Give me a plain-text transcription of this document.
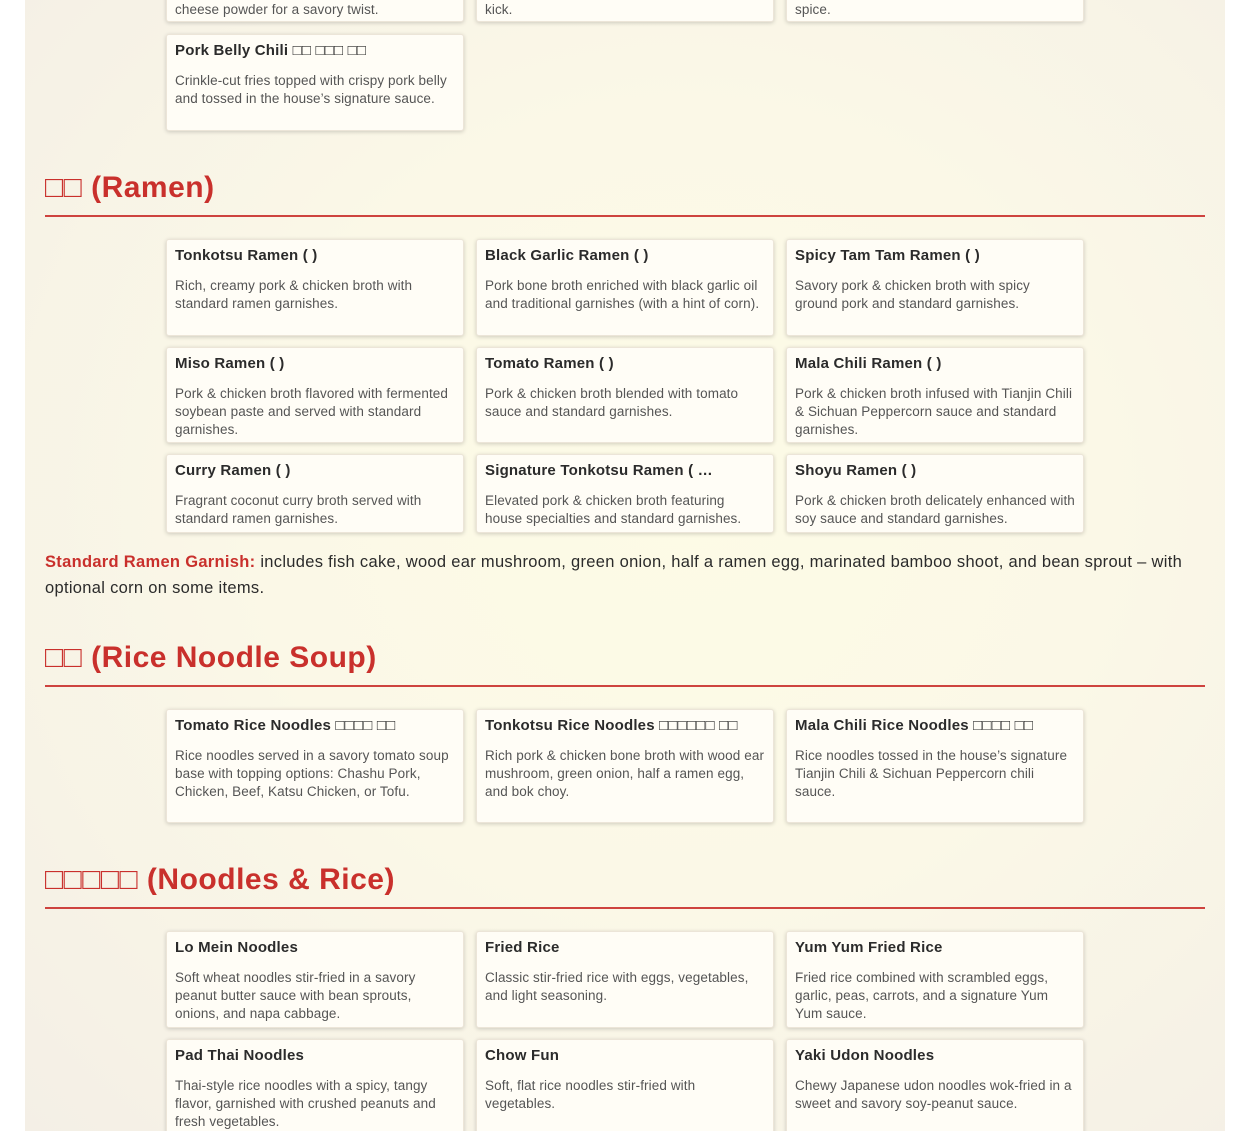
cheese powder for a savory twist.	kick.	spice.
Pork Belly Chili □□ □□□ □□
Crinkle-cut fries topped with crispy pork belly and tossed in the house’s signature sauce.
□□ (Ramen)
Tonkotsu Ramen ( )
Rich, creamy pork & chicken broth with standard ramen garnishes.
Black Garlic Ramen ( )
Pork bone broth enriched with black garlic oil and traditional garnishes (with a hint of corn).
Spicy Tam Tam Ramen ( )
Savory pork & chicken broth with spicy ground pork and standard garnishes.
Miso Ramen ( )
Pork & chicken broth flavored with fermented soybean paste and served with standard garnishes.
Tomato Ramen ( )
Pork & chicken broth blended with tomato sauce and standard garnishes.
Mala Chili Ramen ( )
Pork & chicken broth infused with Tianjin Chili & Sichuan Peppercorn sauce and standard garnishes.
Curry Ramen ( )
Fragrant coconut curry broth served with standard ramen garnishes.
Signature Tonkotsu Ramen ( …
Elevated pork & chicken broth featuring house specialties and standard garnishes.
Shoyu Ramen ( )
Pork & chicken broth delicately enhanced with soy sauce and standard garnishes.
Standard Ramen Garnish: includes fish cake, wood ear mushroom, green onion, half a ramen egg, marinated bamboo shoot, and bean sprout – with optional corn on some items.
□□ (Rice Noodle Soup)
Tomato Rice Noodles □□□□ □□
Rice noodles served in a savory tomato soup base with topping options: Chashu Pork, Chicken, Beef, Katsu Chicken, or Tofu.
Tonkotsu Rice Noodles □□□□□□ □□
Rich pork & chicken bone broth with wood ear mushroom, green onion, half a ramen egg, and bok choy.
Mala Chili Rice Noodles □□□□ □□
Rice noodles tossed in the house’s signature Tianjin Chili & Sichuan Peppercorn chili sauce.
□□□□□ (Noodles & Rice)
Lo Mein Noodles
Soft wheat noodles stir-fried in a savory peanut butter sauce with bean sprouts, onions, and napa cabbage.
Fried Rice
Classic stir-fried rice with eggs, vegetables, and light seasoning.
Yum Yum Fried Rice
Fried rice combined with scrambled eggs, garlic, peas, carrots, and a signature Yum Yum sauce.
Pad Thai Noodles
Thai-style rice noodles with a spicy, tangy flavor, garnished with crushed peanuts and fresh vegetables.
Chow Fun
Soft, flat rice noodles stir-fried with vegetables.
Yaki Udon Noodles
Chewy Japanese udon noodles wok-fried in a sweet and savory soy-peanut sauce.
